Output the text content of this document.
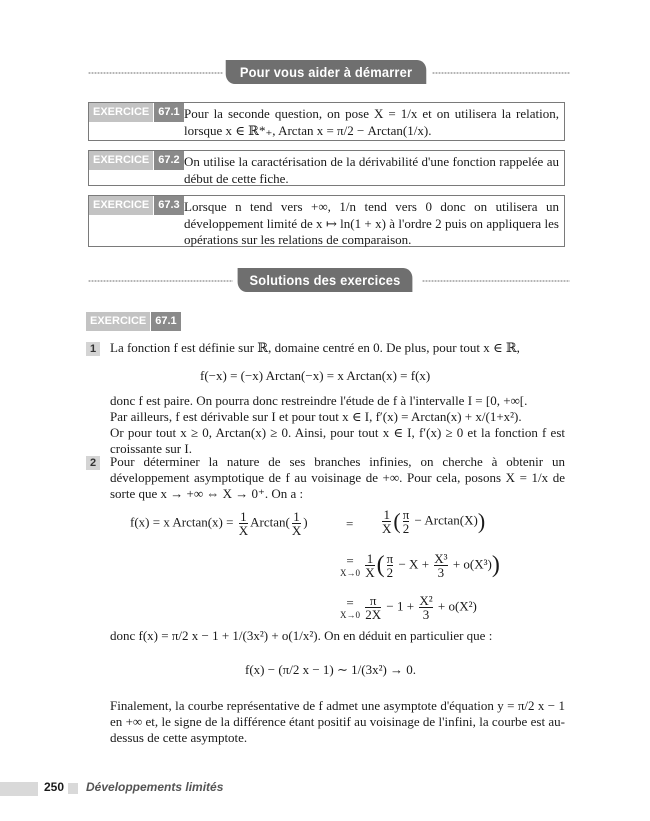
Pour vous aider à démarrer
EXERCICE 67.1 Pour la seconde question, on pose X = 1/x et on utilisera la relation, lorsque x ∈ ℝ*₊, Arctan x = π/2 − Arctan(1/x).
EXERCICE 67.2 On utilise la caractérisation de la dérivabilité d'une fonction rappelée au début de cette fiche.
EXERCICE 67.3 Lorsque n tend vers +∞, 1/n tend vers 0 donc on utilisera un développement limité de x ↦ ln(1 + x) à l'ordre 2 puis on appliquera les opérations sur les relations de comparaison.
Solutions des exercices
EXERCICE 67.1
1	La fonction f est définie sur ℝ, domaine centré en 0. De plus, pour tout x ∈ ℝ,
f(−x) = (−x) Arctan(−x) = x Arctan(x) = f(x)
donc f est paire. On pourra donc restreindre l'étude de f à l'intervalle I = [0, +∞[.
Par ailleurs, f est dérivable sur I et pour tout x ∈ I, f′(x) = Arctan(x) + x/(1+x²).
Or pour tout x ≥ 0, Arctan(x) ≥ 0. Ainsi, pour tout x ∈ I, f′(x) ≥ 0 et la fonction f est croissante sur I.
2	Pour déterminer la nature de ses branches infinies, on cherche à obtenir un développement asymptotique de f au voisinage de +∞. Pour cela, posons X = 1/x de sorte que x → +∞ ⇔ X → 0⁺. On a :
f(x) = x $Arctan(x) = \frac{1}{X} Arctan( \frac{1}{X}$ )	= $\frac{1}{X}$ ( $\frac{\pi}{2} - Arctan(X)$)
=
X→0
$\frac{1}{X}$ ( $\frac{\pi}{2} - X + \frac{\text{X³}}{3} + o(X^3)$)
=
X→0
$\frac{\pi}{2X} - 1 + \frac{\text{X²}}{3} + o(X^2)$
donc f(x) = π/2 x − 1 + 1/(3x²) + o(1/x²). On en déduit en particulier que :
f(x) − (π/2 x − 1) ∼ 1/(3x²) → 0.
Finalement, la courbe représentative de f admet une asymptote d'équation y = π/2 x − 1 en +∞ et, le signe de la différence étant positif au voisinage de l'infini, la courbe est au-dessus de cette asymptote.
250 Développements limités
